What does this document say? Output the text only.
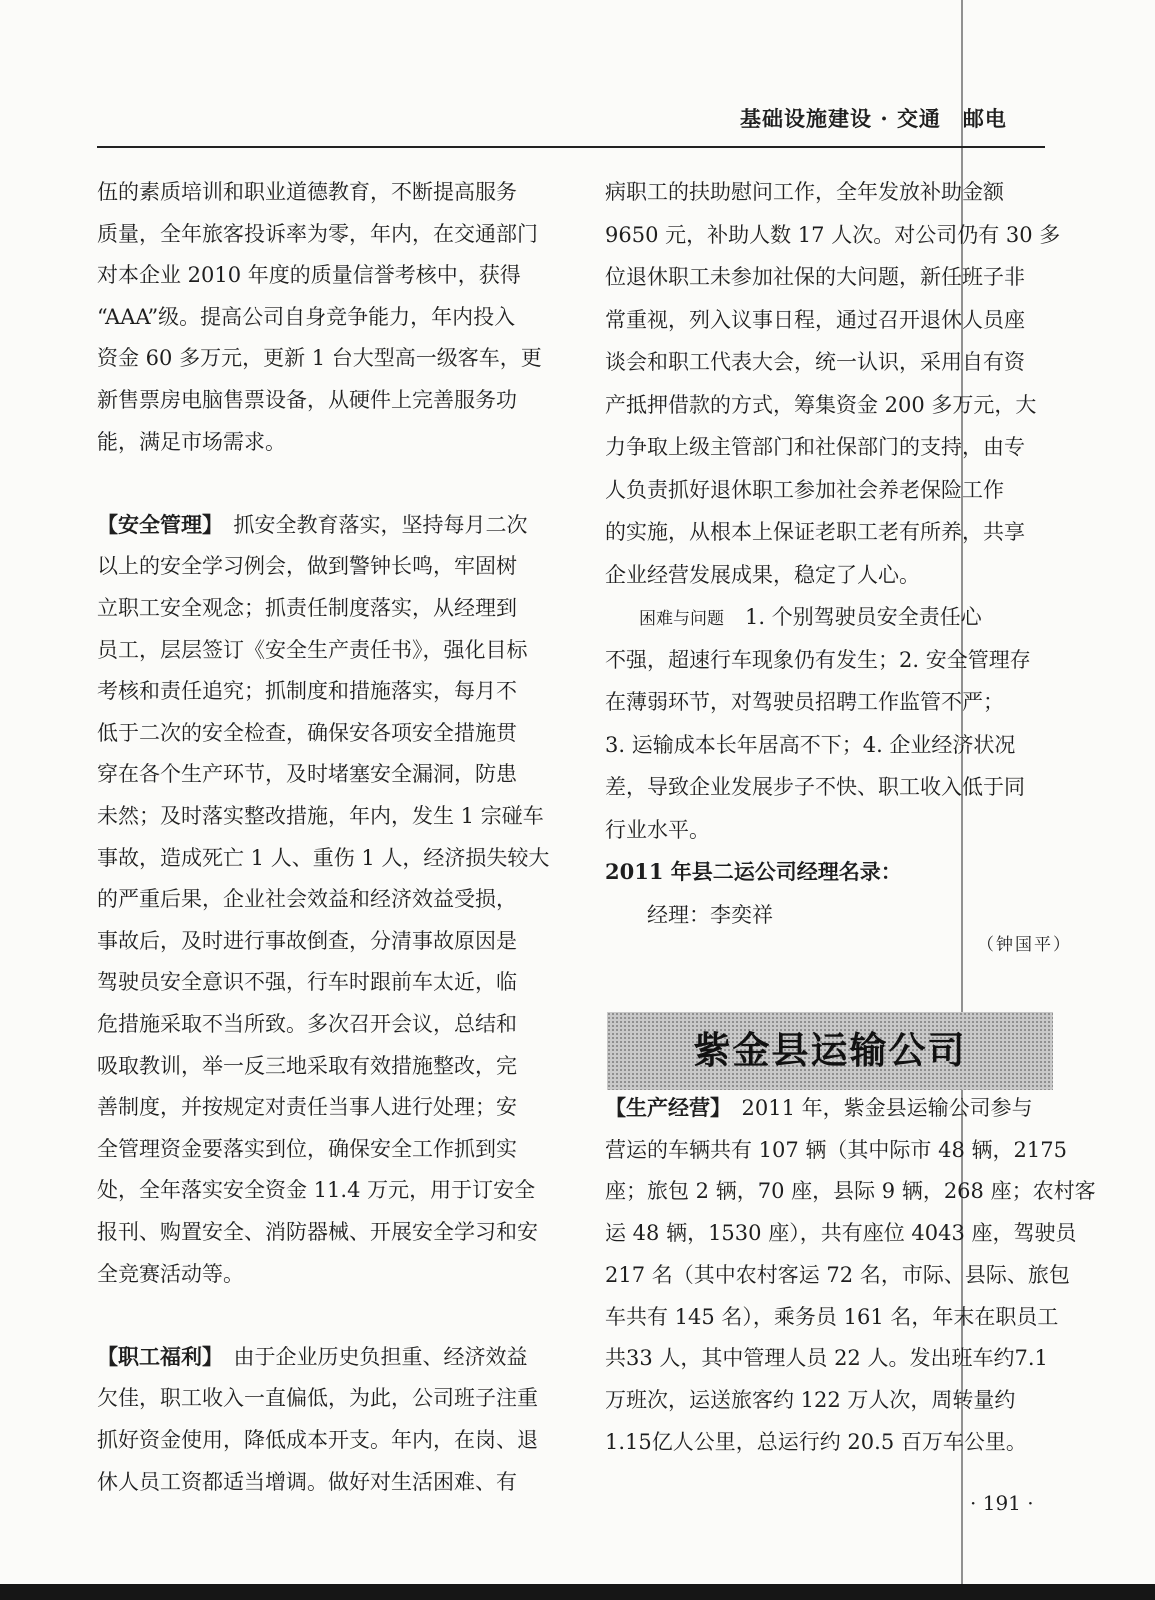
基础设施建设 · 交通　邮电
伍的素质培训和职业道德教育，不断提高服务
质量，全年旅客投诉率为零，年内，在交通部门
对本企业 2010 年度的质量信誉考核中，获得
“AAA”级。提高公司自身竞争能力，年内投入
资金 60 多万元，更新 1 台大型高一级客车，更
新售票房电脑售票设备，从硬件上完善服务功
能，满足市场需求。
【安全管理】　抓安全教育落实，坚持每月二次
以上的安全学习例会，做到警钟长鸣，牢固树
立职工安全观念；抓责任制度落实，从经理到
员工，层层签订《安全生产责任书》，强化目标
考核和责任追究；抓制度和措施落实，每月不
低于二次的安全检查，确保安各项安全措施贯
穿在各个生产环节，及时堵塞安全漏洞，防患
未然；及时落实整改措施，年内，发生 1 宗碰车
事故，造成死亡 1 人、重伤 1 人，经济损失较大
的严重后果，企业社会效益和经济效益受损，
事故后，及时进行事故倒查，分清事故原因是
驾驶员安全意识不强，行车时跟前车太近，临
危措施采取不当所致。多次召开会议，总结和
吸取教训，举一反三地采取有效措施整改，完
善制度，并按规定对责任当事人进行处理；安
全管理资金要落实到位，确保安全工作抓到实
处，全年落实安全资金 11.4 万元，用于订安全
报刊、购置安全、消防器械、开展安全学习和安
全竞赛活动等。
【职工福利】　由于企业历史负担重、经济效益
欠佳，职工收入一直偏低，为此，公司班子注重
抓好资金使用，降低成本开支。年内，在岗、退
休人员工资都适当增调。做好对生活困难、有
病职工的扶助慰问工作，全年发放补助金额
9650 元，补助人数 17 人次。对公司仍有 30 多
位退休职工未参加社保的大问题，新任班子非
常重视，列入议事日程，通过召开退休人员座
谈会和职工代表大会，统一认识，采用自有资
产抵押借款的方式，筹集资金 200 多万元，大
力争取上级主管部门和社保部门的支持，由专
人负责抓好退休职工参加社会养老保险工作
的实施，从根本上保证老职工老有所养，共享
企业经营发展成果，稳定了人心。
　　困难与问题　1. 个别驾驶员安全责任心
不强，超速行车现象仍有发生；2. 安全管理存
在薄弱环节，对驾驶员招聘工作监管不严；
3. 运输成本长年居高不下；4. 企业经济状况
差，导致企业发展步子不快、职工收入低于同
行业水平。
2011 年县二运公司经理名录：
　　经理：李奕祥
（钟国平）
紫金县运输公司
【生产经营】　2011 年，紫金县运输公司参与
营运的车辆共有 107 辆（其中际市 48 辆，2175
座；旅包 2 辆，70 座，县际 9 辆，268 座；农村客
运 48 辆，1530 座），共有座位 4043 座，驾驶员
217 名（其中农村客运 72 名，市际、县际、旅包
车共有 145 名），乘务员 161 名，年末在职员工
共33 人，其中管理人员 22 人。发出班车约7.1
万班次，运送旅客约 122 万人次，周转量约
1.15亿人公里，总运行约 20.5 百万车公里。
· 191 ·
